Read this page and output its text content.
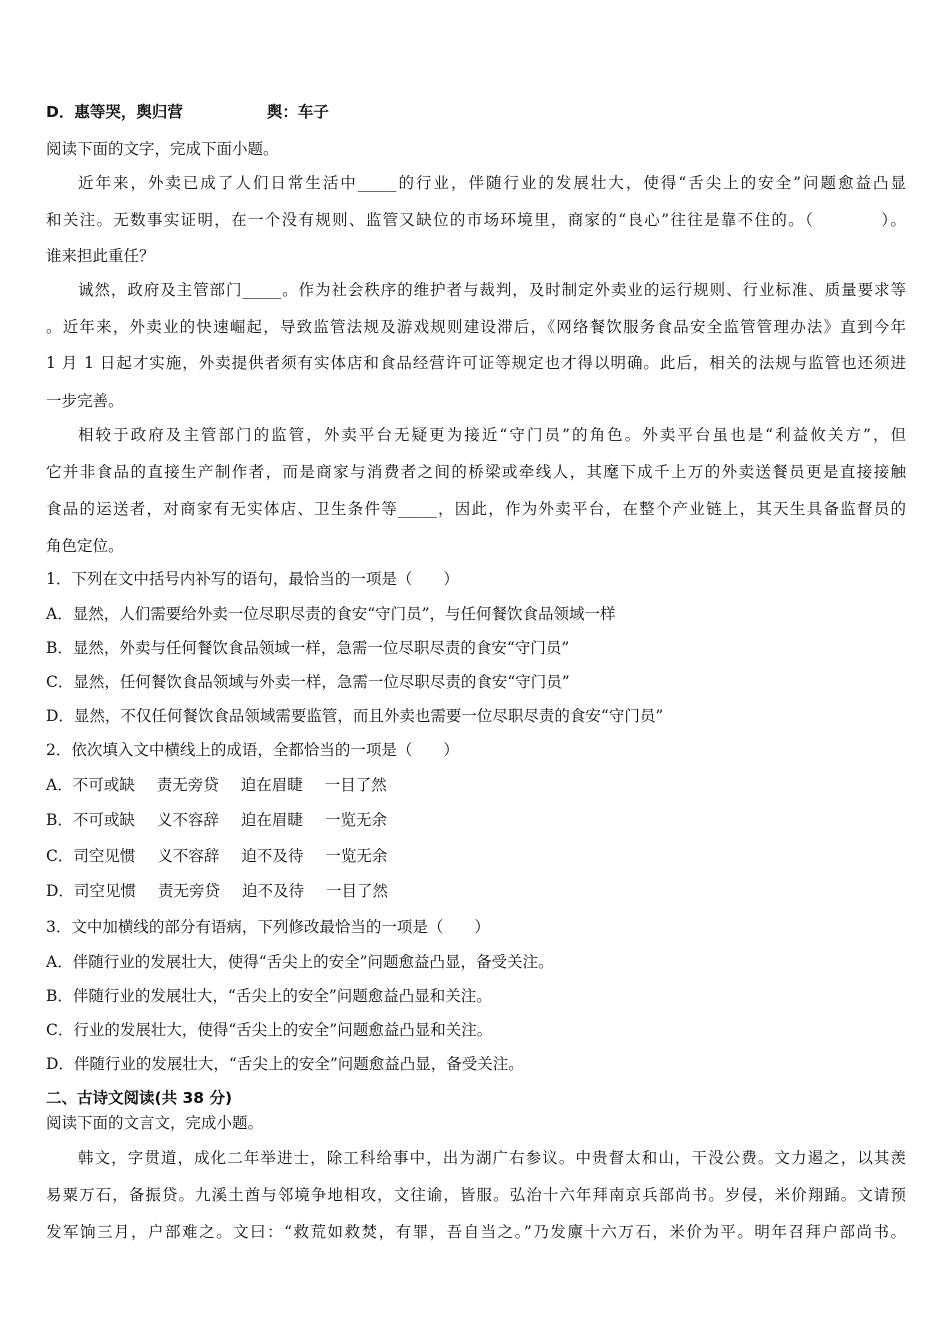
D．惠等哭，舆归营	舆：车子
阅读下面的文字，完成下面小题。
近年来，外卖已成了人们日常生活中_____的行业，伴随行业的发展壮大，使得“舌尖上的安全”问题愈益凸显
和关注。无数事实证明，在一个没有规则、监管又缺位的市场环境里，商家的“良心”往往是靠不住的。（　　　　）。
谁来担此重任？
诚然，政府及主管部门_____。作为社会秩序的维护者与裁判，及时制定外卖业的运行规则、行业标准、质量要求等
。近年来，外卖业的快速崛起，导致监管法规及游戏规则建设滞后，《网络餐饮服务食品安全监管管理办法》直到今年
1 月 1 日起才实施，外卖提供者须有实体店和食品经营许可证等规定也才得以明确。此后，相关的法规与监管也还须进
一步完善。
相较于政府及主管部门的监管，外卖平台无疑更为接近“守门员”的角色。外卖平台虽也是“利益攸关方”，但
它并非食品的直接生产制作者，而是商家与消费者之间的桥梁或牵线人，其麾下成千上万的外卖送餐员更是直接接触
食品的运送者，对商家有无实体店、卫生条件等_____，因此，作为外卖平台，在整个产业链上，其天生具备监督员的
角色定位。
1．下列在文中括号内补写的语句，最恰当的一项是（　　）
A．显然，人们需要给外卖一位尽职尽责的食安“守门员”，与任何餐饮食品领域一样
B．显然，外卖与任何餐饮食品领域一样，急需一位尽职尽责的食安“守门员”
C．显然，任何餐饮食品领域与外卖一样，急需一位尽职尽责的食安“守门员”
D．显然，不仅任何餐饮食品领域需要监管，而且外卖也需要一位尽职尽责的食安“守门员”
2．依次填入文中横线上的成语，全都恰当的一项是（　　）
A．不可或缺 责无旁贷 迫在眉睫 一目了然
B．不可或缺 义不容辞 迫在眉睫 一览无余
C．司空见惯 义不容辞 迫不及待 一览无余
D．司空见惯 责无旁贷 迫不及待 一目了然
3．文中加横线的部分有语病，下列修改最恰当的一项是（　　）
A．伴随行业的发展壮大，使得“舌尖上的安全”问题愈益凸显，备受关注。
B．伴随行业的发展壮大，“舌尖上的安全”问题愈益凸显和关注。
C．行业的发展壮大，使得“舌尖上的安全”问题愈益凸显和关注。
D．伴随行业的发展壮大，“舌尖上的安全”问题愈益凸显，备受关注。
二、古诗文阅读(共 38 分)
阅读下面的文言文，完成小题。
韩文，字贯道，成化二年举进士，除工科给事中，出为湖广右参议。中贵督太和山，干没公费。文力遏之，以其羡
易粟万石，备振贷。九溪土酋与邻境争地相攻，文往谕，皆服。弘治十六年拜南京兵部尚书。岁侵，米价翔踊。文请预
发军饷三月，户部难之。文曰：“救荒如救焚，有罪，吾自当之。”乃发廪十六万石，米价为平。明年召拜户部尚书。
